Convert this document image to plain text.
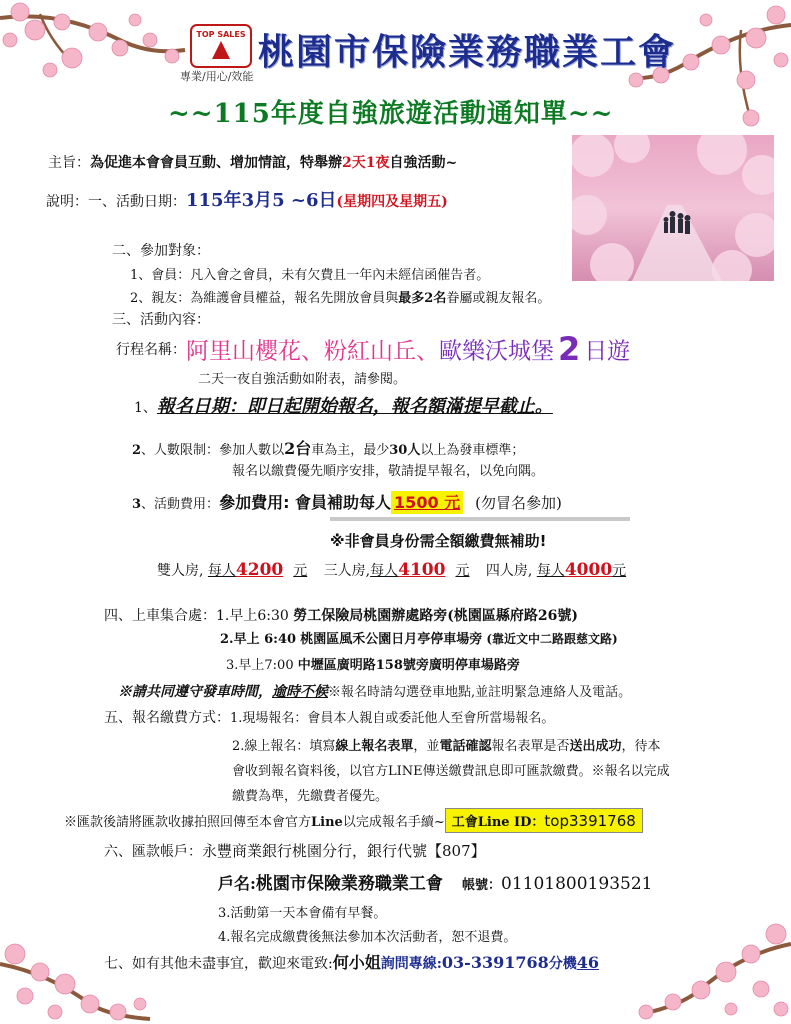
TOP SALES 桃園市保險業務職業工會
專業/用心/效能
~~115年度自強旅遊活動通知單~~
主旨：為促進本會會員互動、增加情誼，特舉辦2天1夜自強活動~
說明：一、活動日期：115年3月5 ~6日(星期四及星期五)
二、參加對象：
1、會員：凡入會之會員，未有欠費且一年內未經信函催告者。
2、親友：為維護會員權益，報名先開放會員與最多2名眷屬或親友報名。
三、活動內容：
行程名稱：阿里山櫻花、粉紅山丘、歐樂沃城堡 2 日遊
二天一夜自強活動如附表，請參閱。
1、報名日期：即日起開始報名，報名額滿提早截止。
2、人數限制：參加人數以2台車為主，最少30人以上為發車標準；
報名以繳費優先順序安排，敬請提早報名，以免向隅。
3、活動費用：參加費用: 會員補助每人 1500 元 (勿冒名參加)
※非會員身份需全額繳費無補助!
雙人房, 每人4200 元 三人房,每人4100 元 四人房, 每人4000元
四、上車集合處：1.早上6:30 勞工保險局桃園辦處路旁(桃園區縣府路26號)
2.早上 6:40 桃園區風禾公園日月亭停車場旁 (靠近文中二路跟慈文路)
3.早上7:00 中壢區廣明路158號旁廣明停車場路旁
※請共同遵守發車時間，逾時不候※報名時請勾選登車地點,並註明緊急連絡人及電話。
五、報名繳費方式：1.現場報名：會員本人親自或委託他人至會所當場報名。
2.線上報名：填寫線上報名表單，並電話確認報名表單是否送出成功，待本
會收到報名資料後，以官方LINE傳送繳費訊息即可匯款繳費。※報名以完成
繳費為準，先繳費者優先。
※匯款後請將匯款收據拍照回傳至本會官方Line以完成報名手續~ 工會Line ID：top3391768
六、匯款帳戶：永豐商業銀行桃園分行，銀行代號【807】
戶名:桃園市保險業務職業工會 帳號：01101800193521
3.活動第一天本會備有早餐。
4.報名完成繳費後無法參加本次活動者，恕不退費。
七、如有其他未盡事宜，歡迎來電致:何小姐詢問專線:03-3391768分機46
